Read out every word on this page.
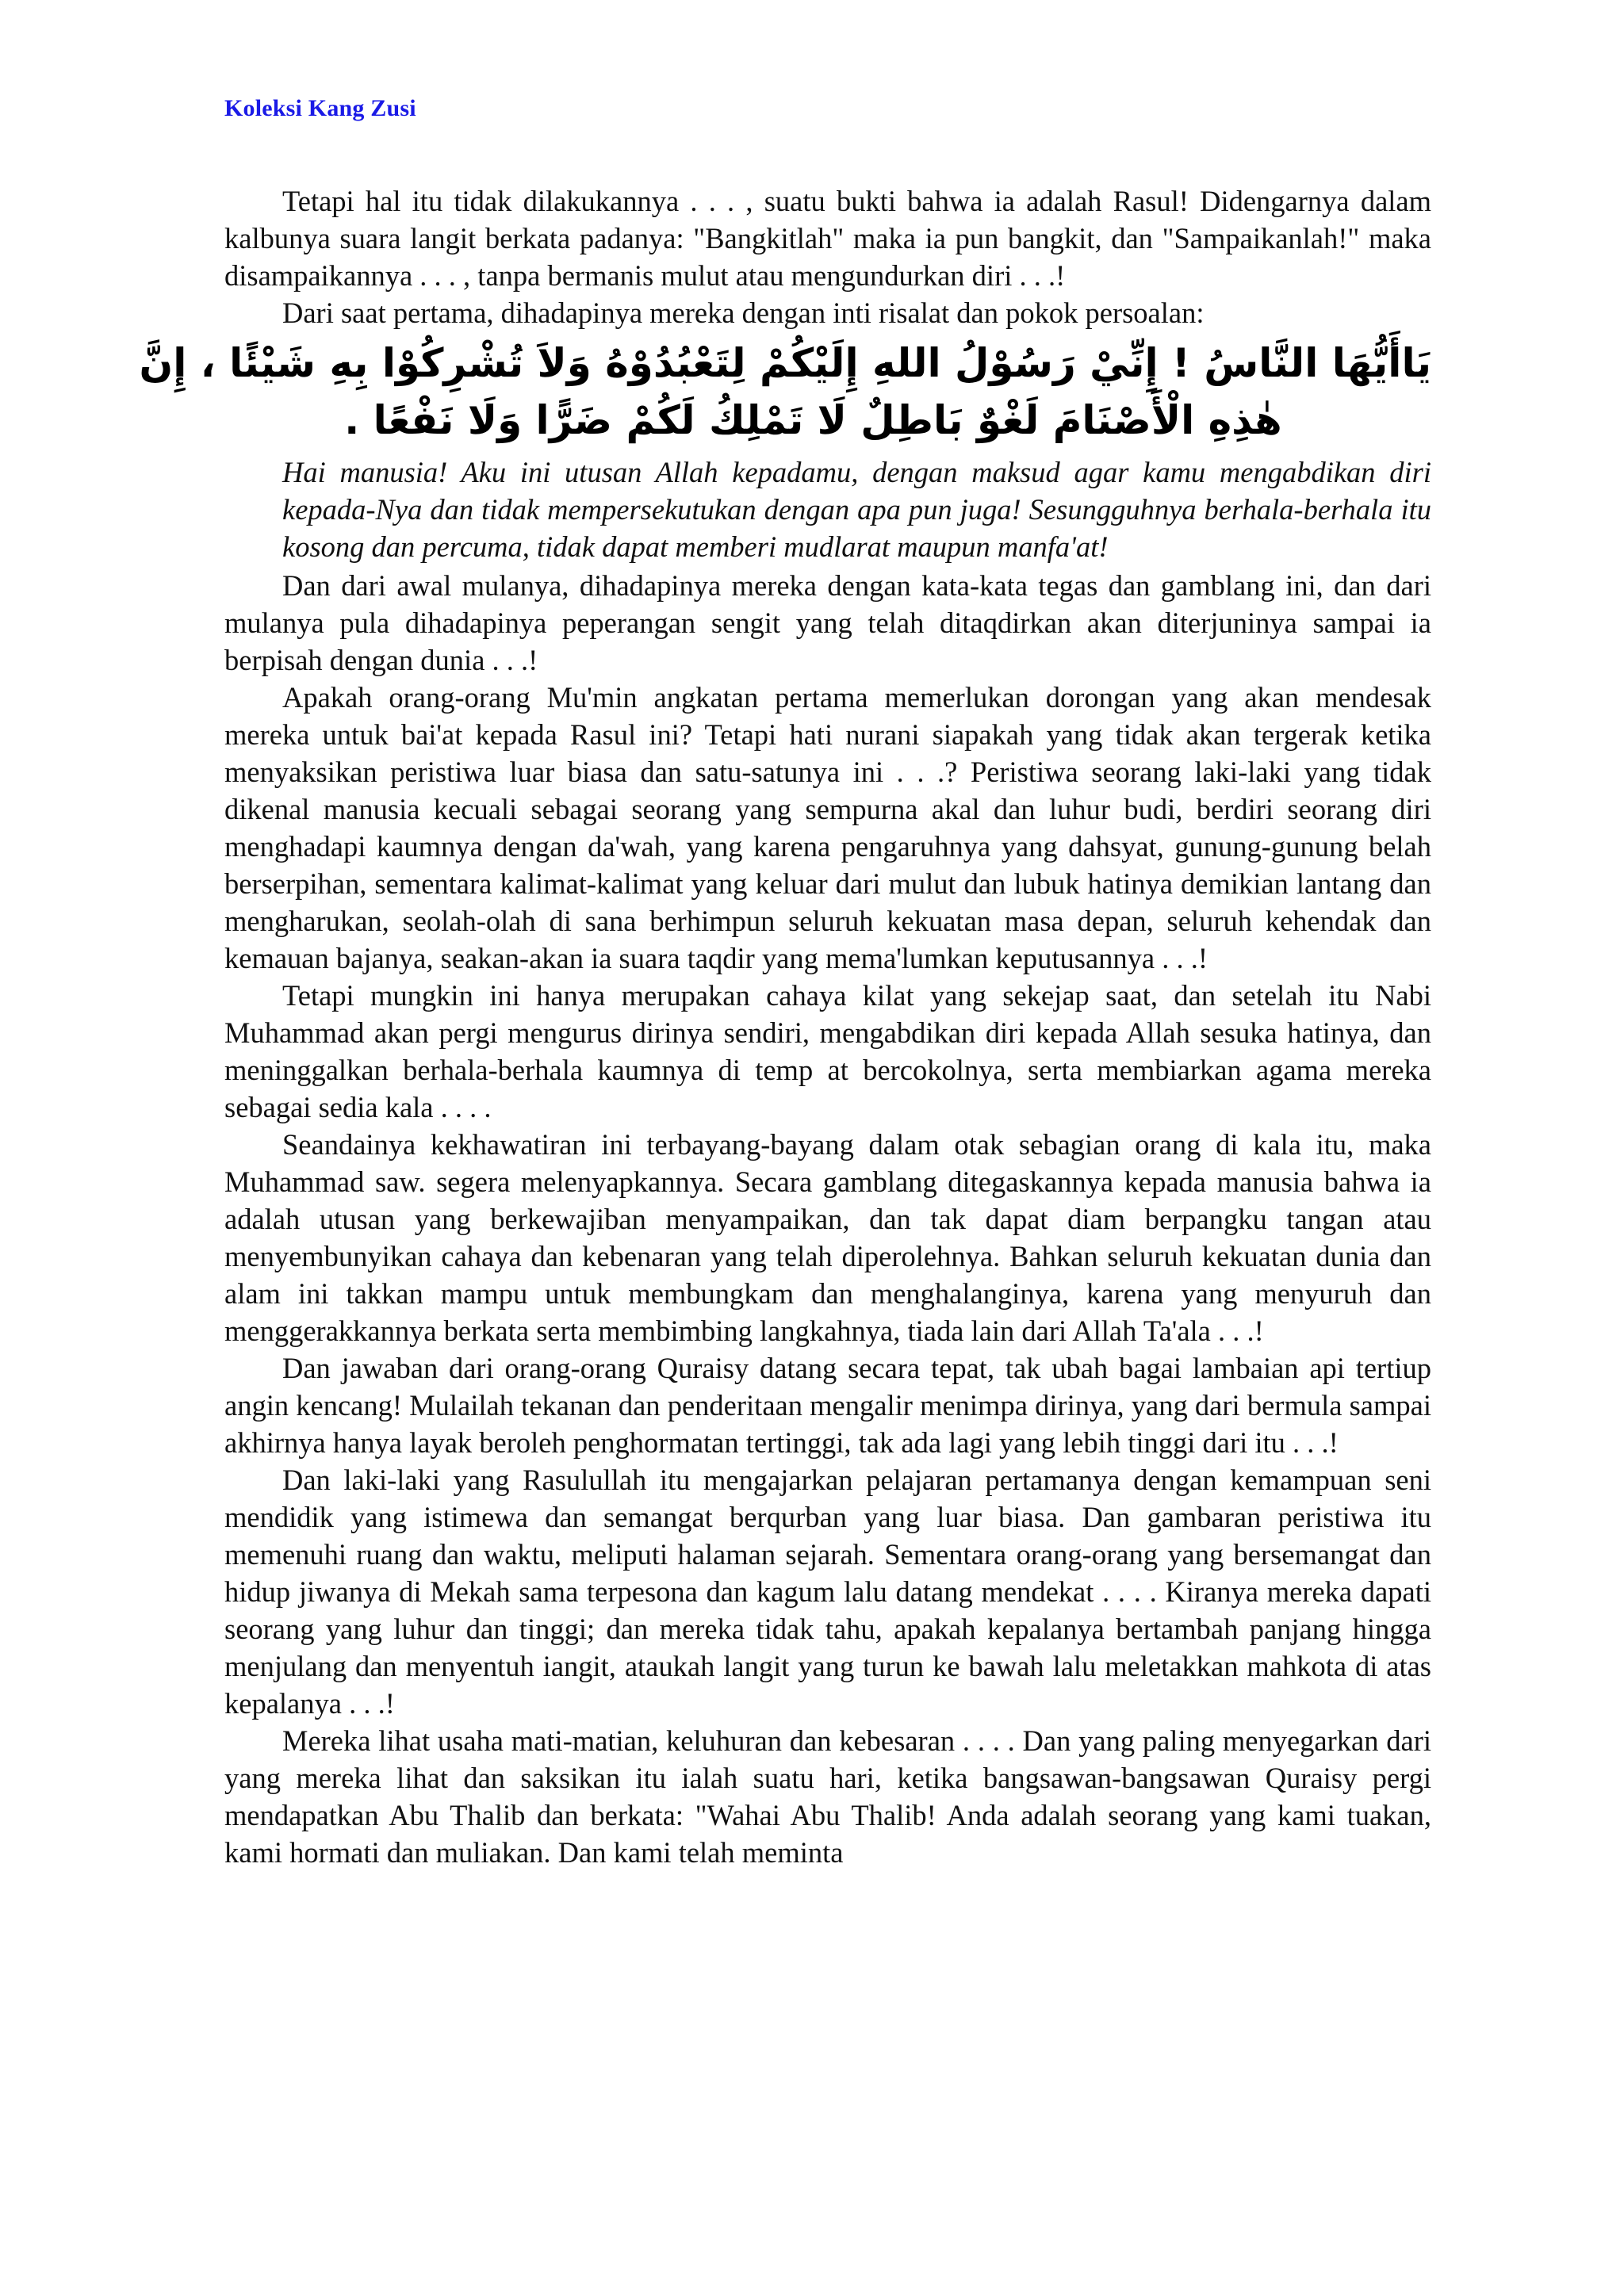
Koleksi Kang Zusi

Tetapi hal itu tidak dilakukannya . . . , suatu bukti bahwa ia adalah Rasul! Didengarnya dalam kalbunya suara langit berkata padanya: "Bangkitlah" maka ia pun bangkit, dan "Sampaikanlah!" maka disampaikannya . . . , tanpa bermanis mulut atau mengundurkan diri . . .!

Dari saat pertama, dihadapinya mereka dengan inti risalat dan pokok persoalan:

يَاأَيُّهَا النَّاسُ ! إِنِّيْ رَسُوْلُ اللهِ إِلَيْكُمْ لِتَعْبُدُوْهُ وَلاَ تُشْرِكُوْا بِهِ شَيْئًا ، إِنَّ
هٰذِهِ الْأَصْنَامَ لَغْوٌ بَاطِلٌ لَا تَمْلِكُ لَكُمْ ضَرًّا وَلَا نَفْعًا .

Hai manusia! Aku ini utusan Allah kepadamu, dengan maksud agar kamu mengabdikan diri kepada-Nya dan tidak mempersekutukan dengan apa pun juga! Sesungguhnya berhala-berhala itu kosong dan percuma, tidak dapat memberi mudlarat maupun manfa'at!

Dan dari awal mulanya, dihadapinya mereka dengan kata-kata tegas dan gamblang ini, dan dari mulanya pula dihadapinya peperangan sengit yang telah ditaqdirkan akan diterjuninya sampai ia berpisah dengan dunia . . .!

Apakah orang-orang Mu'min angkatan pertama memerlukan dorongan yang akan mendesak mereka untuk bai'at kepada Rasul ini? Tetapi hati nurani siapakah yang tidak akan tergerak ketika menyaksikan peristiwa luar biasa dan satu-satunya ini . . .? Peristiwa seorang laki-laki yang tidak dikenal manusia kecuali sebagai seorang yang sempurna akal dan luhur budi, berdiri seorang diri menghadapi kaumnya dengan da'wah, yang karena pengaruhnya yang dahsyat, gunung-gunung belah berserpihan, sementara kalimat-kalimat yang keluar dari mulut dan lubuk hatinya demikian lantang dan mengharukan, seolah-olah di sana berhimpun seluruh kekuatan masa depan, seluruh kehendak dan kemauan bajanya, seakan-akan ia suara taqdir yang mema'lumkan keputusannya . . .!

Tetapi mungkin ini hanya merupakan cahaya kilat yang sekejap saat, dan setelah itu Nabi Muhammad akan pergi mengurus dirinya sendiri, mengabdikan diri kepada Allah sesuka hatinya, dan meninggalkan berhala-berhala kaumnya di temp at bercokolnya, serta membiarkan agama mereka sebagai sedia kala . . . .

Seandainya kekhawatiran ini terbayang-bayang dalam otak sebagian orang di kala itu, maka Muhammad saw. segera melenyapkannya. Secara gamblang ditegaskannya kepada manusia bahwa ia adalah utusan yang berkewajiban menyampaikan, dan tak dapat diam berpangku tangan atau menyembunyikan cahaya dan kebenaran yang telah diperolehnya. Bahkan seluruh kekuatan dunia dan alam ini takkan mampu untuk membungkam dan menghalanginya, karena yang menyuruh dan menggerakkannya berkata serta membimbing langkahnya, tiada lain dari Allah Ta'ala . . .!

Dan jawaban dari orang-orang Quraisy datang secara tepat, tak ubah bagai lambaian api tertiup angin kencang! Mulailah tekanan dan penderitaan mengalir menimpa dirinya, yang dari bermula sampai akhirnya hanya layak beroleh penghormatan tertinggi, tak ada lagi yang lebih tinggi dari itu . . .!

Dan laki-laki yang Rasulullah itu mengajarkan pelajaran pertamanya dengan kemampuan seni mendidik yang istimewa dan semangat berqurban yang luar biasa. Dan gambaran peristiwa itu memenuhi ruang dan waktu, meliputi halaman sejarah. Sementara orang-orang yang bersemangat dan hidup jiwanya di Mekah sama terpesona dan kagum lalu datang mendekat . . . . Kiranya mereka dapati seorang yang luhur dan tinggi; dan mereka tidak tahu, apakah kepalanya bertambah panjang hingga menjulang dan menyentuh iangit, ataukah langit yang turun ke bawah lalu meletakkan mahkota di atas kepalanya . . .!

Mereka lihat usaha mati-matian, keluhuran dan kebesaran . . . . Dan yang paling menyegarkan dari yang mereka lihat dan saksikan itu ialah suatu hari, ketika bangsawan-bangsawan Quraisy pergi mendapatkan Abu Thalib dan berkata: "Wahai Abu Thalib! Anda adalah seorang yang kami tuakan, kami hormati dan muliakan. Dan kami telah meminta
